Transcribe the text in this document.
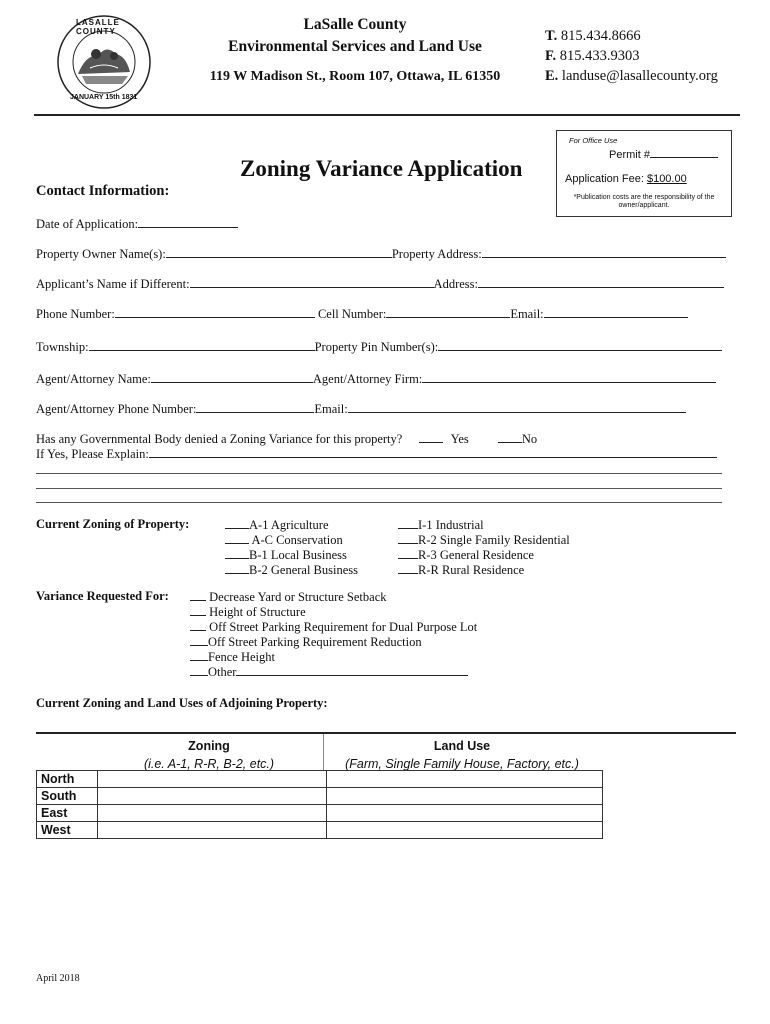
LASALLE COUNTY
JANUARY 15th 1831
LaSalle County
Environmental Services and Land Use
119 W Madison St., Room 107, Ottawa, IL 61350
T. 815.434.8666
F. 815.433.9303
E. landuse@lasallecounty.org
For Office Use
Permit #
Application Fee: $100.00
*Publication costs are the responsibility of the owner/applicant.
Zoning Variance Application
Contact Information:
Date of Application:
Property Owner Name(s):	Property Address:
Applicant’s Name if Different:	Address:
Phone Number:	Cell Number:	Email:
Township:	Property Pin Number(s):
Agent/Attorney Name:	Agent/Attorney Firm:
Agent/Attorney Phone Number:	Email:
Has any Governmental Body denied a Zoning Variance for this property?	Yes	No
If Yes, Please Explain:
Current Zoning of Property:	A-1 Agriculture
A-C Conservation
B-1 Local Business
B-2 General Business
I-1 Industrial
R-2 Single Family Residential
R-3 General Residence
R-R Rural Residence
Variance Requested For:	Decrease Yard or Structure Setback
Height of Structure
Off Street Parking Requirement for Dual Purpose Lot
Off Street Parking Requirement Reduction
Fence Height
Other
Current Zoning and Land Uses of Adjoining Property:
Zoning
(i.e. A-1, R-R, B-2, etc.)
Land Use
(Farm, Single Family House, Factory, etc.)
North		
South		
East		
West		
April 2018
